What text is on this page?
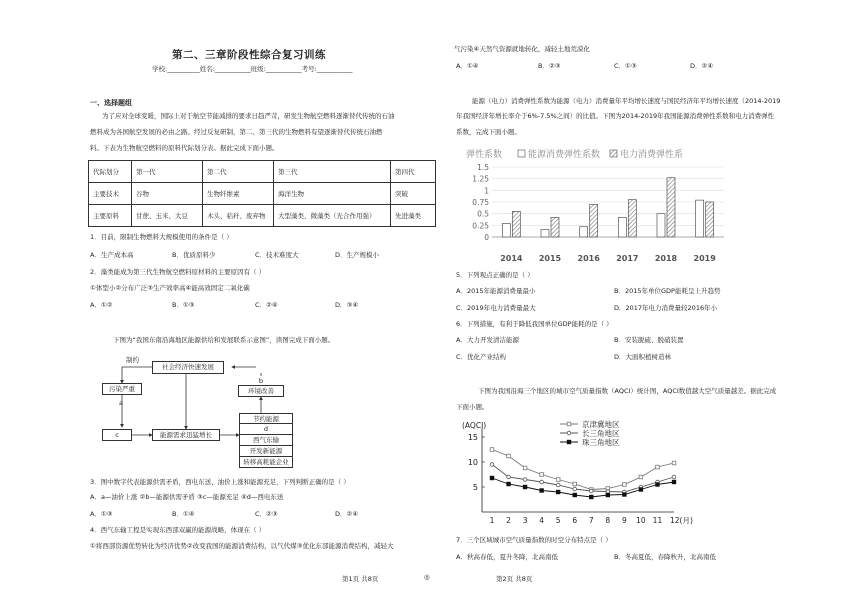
第二、三章阶段性综合复习训练
学校:__________姓名:___________班级:___________考号:___________
一、选择题组
为了应对全球变暖，国际上对于航空节能减排的要求日趋严苛，研发生物航空燃料逐渐替代传统的石油
燃料成为各国航空发展的必由之路。经过反复研制，第二、第三代的生物燃料有望逐渐替代传统石油燃
料。下表为生物航空燃料的原料代际划分表。据此完成下面小题。
代际划分	第一代	第二代	第三代	第四代
主要技术	谷物	生物纤维素	海洋生物	突破
主要原料	甘蔗、玉米、大豆	木头、秸秆、废弃物	大型藻类、微藻类（光合作用强）	先进藻类
1．目前，限制生物燃料大规模使用的条件是（ ）
A．生产成本高	B．优质原料少	C．技术难度大	D．生产规模小
2．藻类能成为第三代生物航空燃料原材料的主要原因有（ ）
①体型小②分布广泛③生产效率高④能高效固定二氧化碳
A．①②	B．①③	C．②④	D．③④
下图为“我国东南沿海地区能源供给和发展联系示意图”，读图完成下面小题。
制约
社会经济快速发展
b
环境改善
污染严重
a
c	能源需求迅猛增长
节约能源
d
西气东输
开发新能源
转移高耗能企业
3．图中数字代表能源供需矛盾，西电东送、油价上涨和能源充足，下列判断正确的是（ ）
A．a—油价上涨 ②b—能源供需矛盾 ③c—能源充足 ④d—西电东送
A．①③	B．①④	C．②③	D．②④
4．西气东输工程是实现东西部双赢的能源战略，体现在（ ）
①将西部资源优势转化为经济优势②改变我国的能源消费结构，以气代煤③优化东部能源消费结构，减轻大
第1页 共8页	◎
气污染④天然气资源就地转化，减轻土地荒漠化
A．①④	B．②③	C．①③	D．②④
能源（电力）消费弹性系数为能源（电力）消费量年平均增长速度与国民经济年平均增长速度（2014-2019
年我国经济年增长率介于6%-7.5%之间）的比值。下图为2014-2019年我国能源消费弹性系数和电力消费弹性
系数，完成下面小题。
弹性系数	能源消费弹性系数 电力消费弹性系
1.5
1.25
1
0.75
0.5
0.25
0
2014 2015 2016 2017 2018 2019
5．下列观点正确的是（ ）
A．2015年能源消费量最小	B．2015年单位GDP能耗呈上升趋势
C．2019年电力消费量最大	D．2017年电力消费量较2016年小
6．下列措施，有利于降低我国单位GDP能耗的是（ ）
A．大力开发清洁能源	B．安装脱硫、脱硝装置
C．优化产业结构	D．大面积植树造林
下图为我国沿海三个地区的城市空气质量指数（AQCI）统计图，AQCI数值越大空气质量越差。据此完成
下面小题。
(AQCI)
15
10
5
1 2 3 4 5 6 7 8 9 10 11 12(月)
京津冀地区
长三角地区
珠三角地区
7．三个区域城市空气质量指数的时空分布特点是（ ）
A．秋高春低，夏升冬降，北高南低	B．冬高夏低，春降秋升，北高南低
第2页 共8页
